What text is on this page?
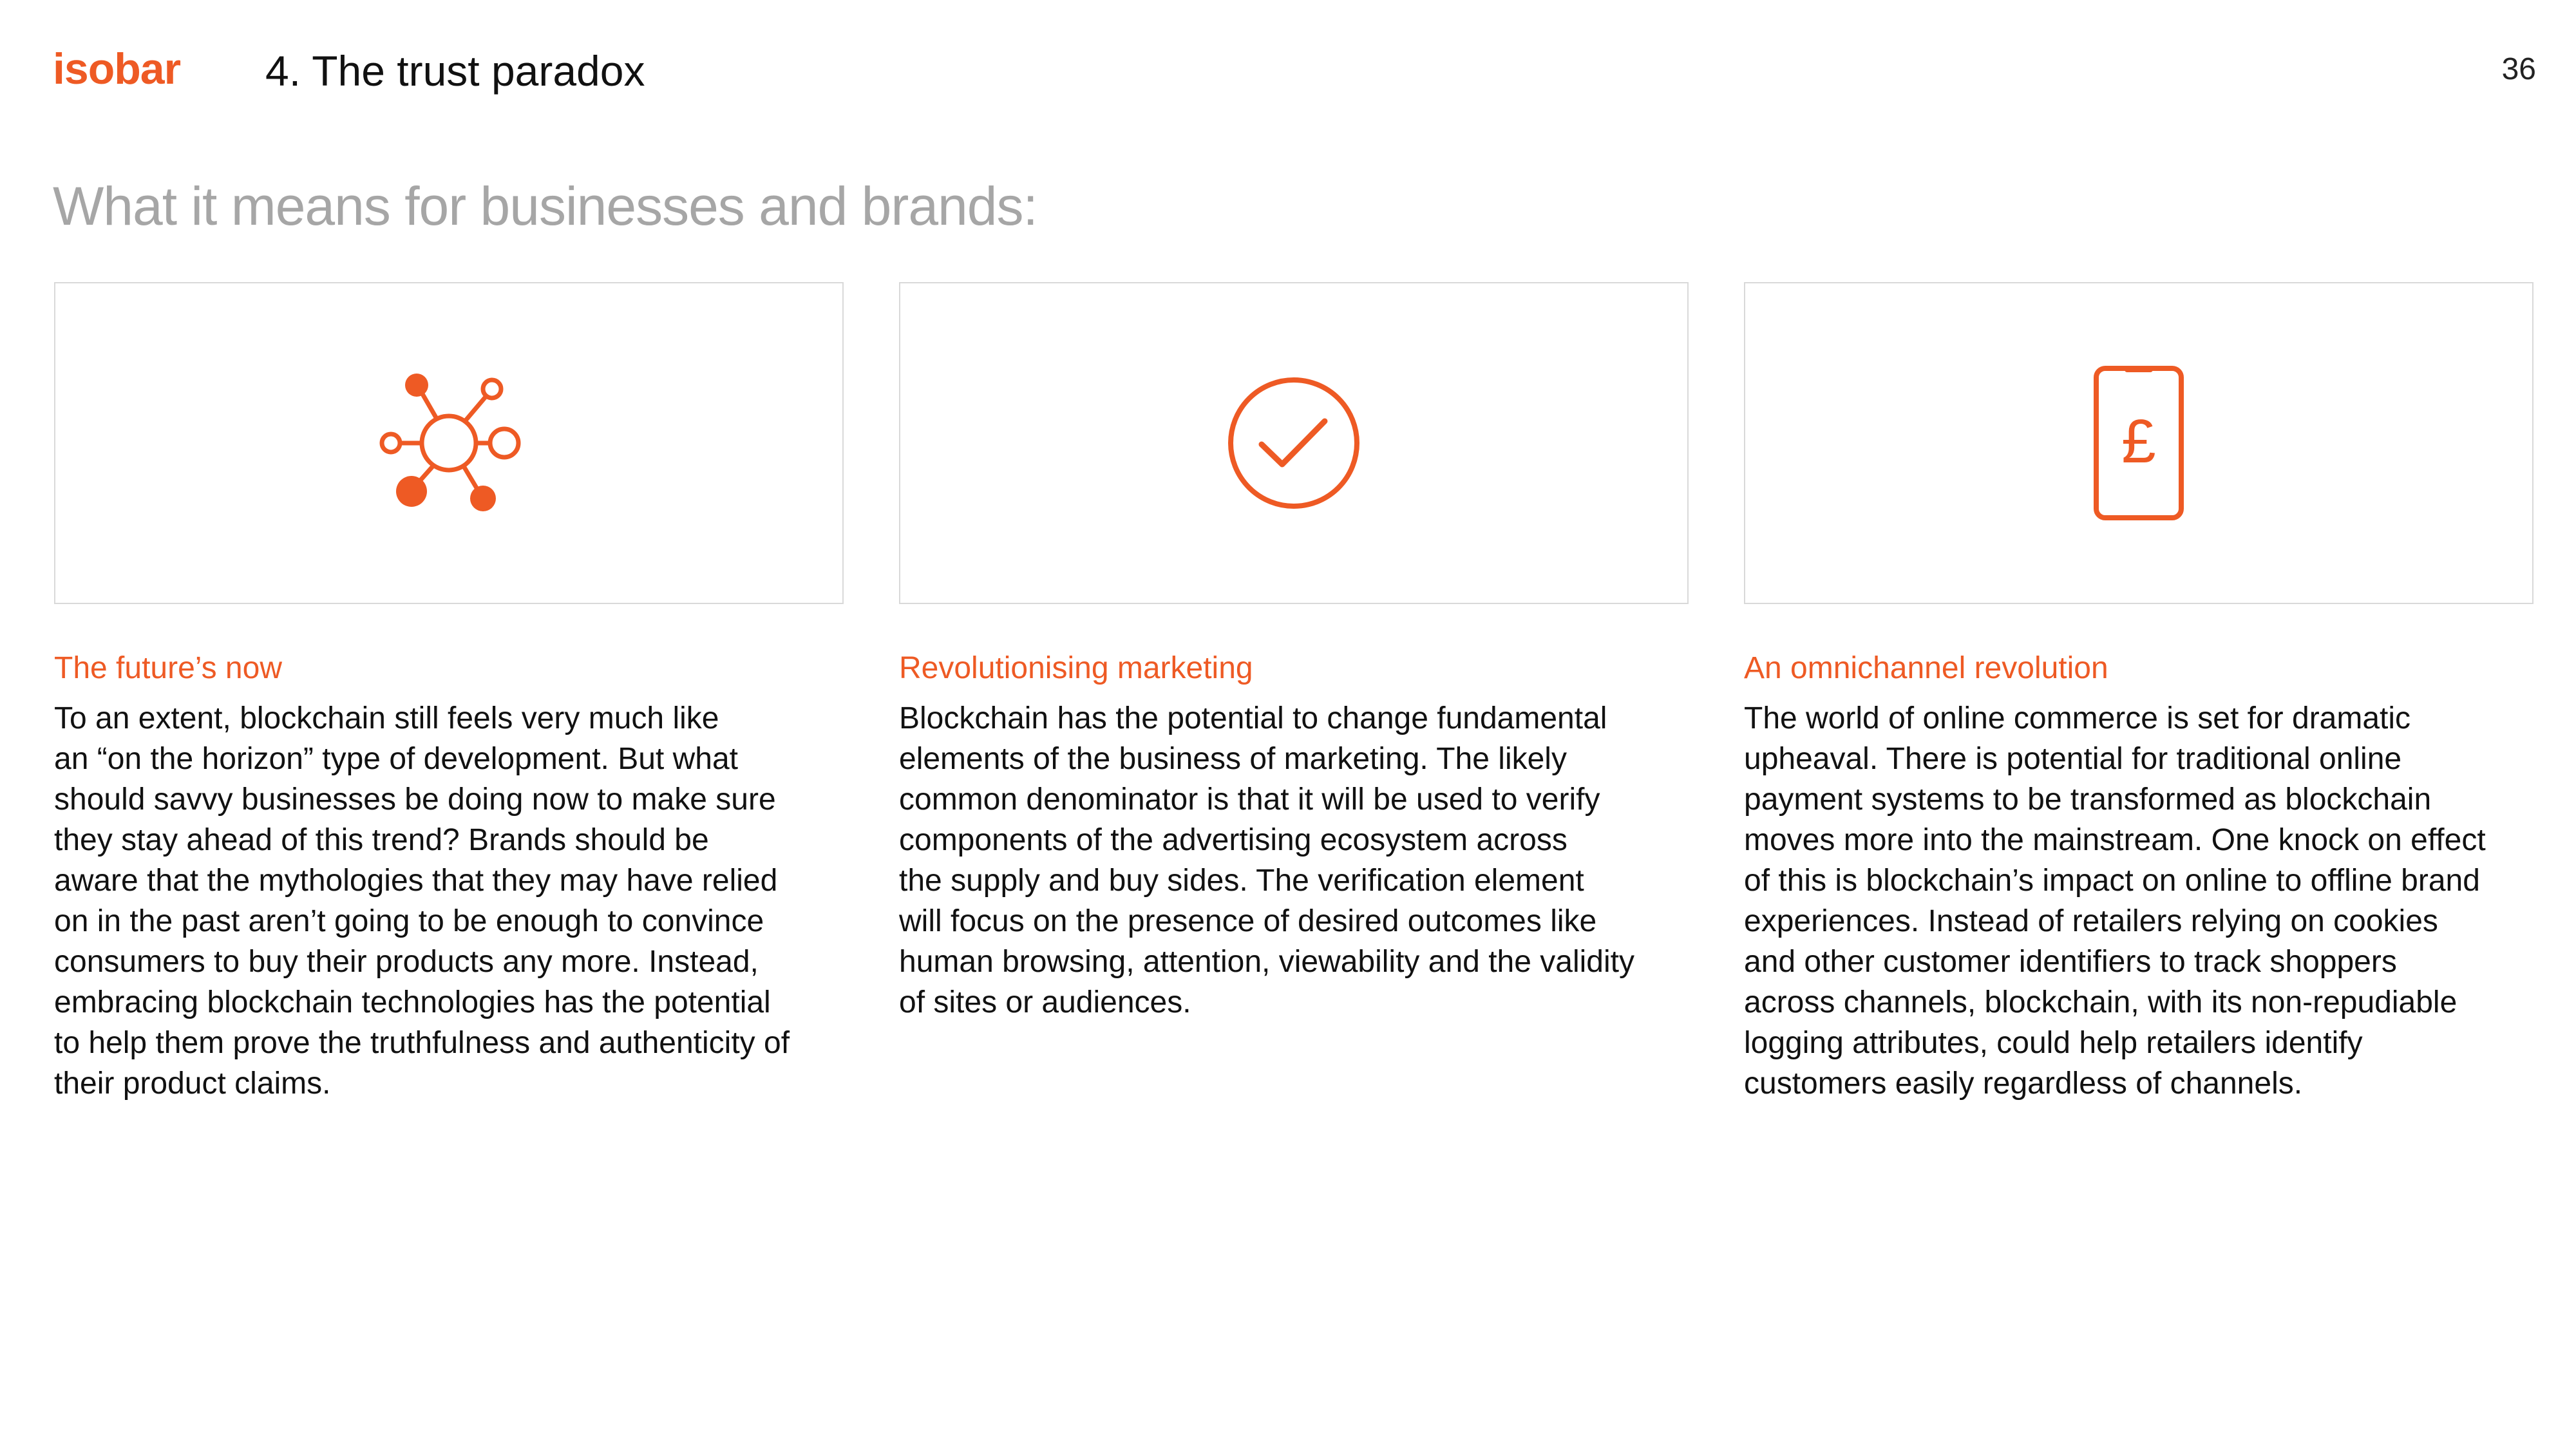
isobar 4. The trust paradox	36
What it means for businesses and brands:
The future’s now
To an extent, blockchain still feels very much like
an “on the horizon” type of development. But what
should savvy businesses be doing now to make sure
they stay ahead of this trend? Brands should be
aware that the mythologies that they may have relied
on in the past aren’t going to be enough to convince
consumers to buy their products any more. Instead,
embracing blockchain technologies has the potential
to help them prove the truthfulness and authenticity of
their product claims.
Revolutionising marketing
Blockchain has the potential to change fundamental
elements of the business of marketing. The likely
common denominator is that it will be used to verify
components of the advertising ecosystem across
the supply and buy sides. The verification element
will focus on the presence of desired outcomes like
human browsing, attention, viewability and the validity
of sites or audiences.
£
An omnichannel revolution
The world of online commerce is set for dramatic
upheaval. There is potential for traditional online
payment systems to be transformed as blockchain
moves more into the mainstream. One knock on effect
of this is blockchain’s impact on online to offline brand
experiences. Instead of retailers relying on cookies
and other customer identifiers to track shoppers
across channels, blockchain, with its non-repudiable
logging attributes, could help retailers identify
customers easily regardless of channels.
